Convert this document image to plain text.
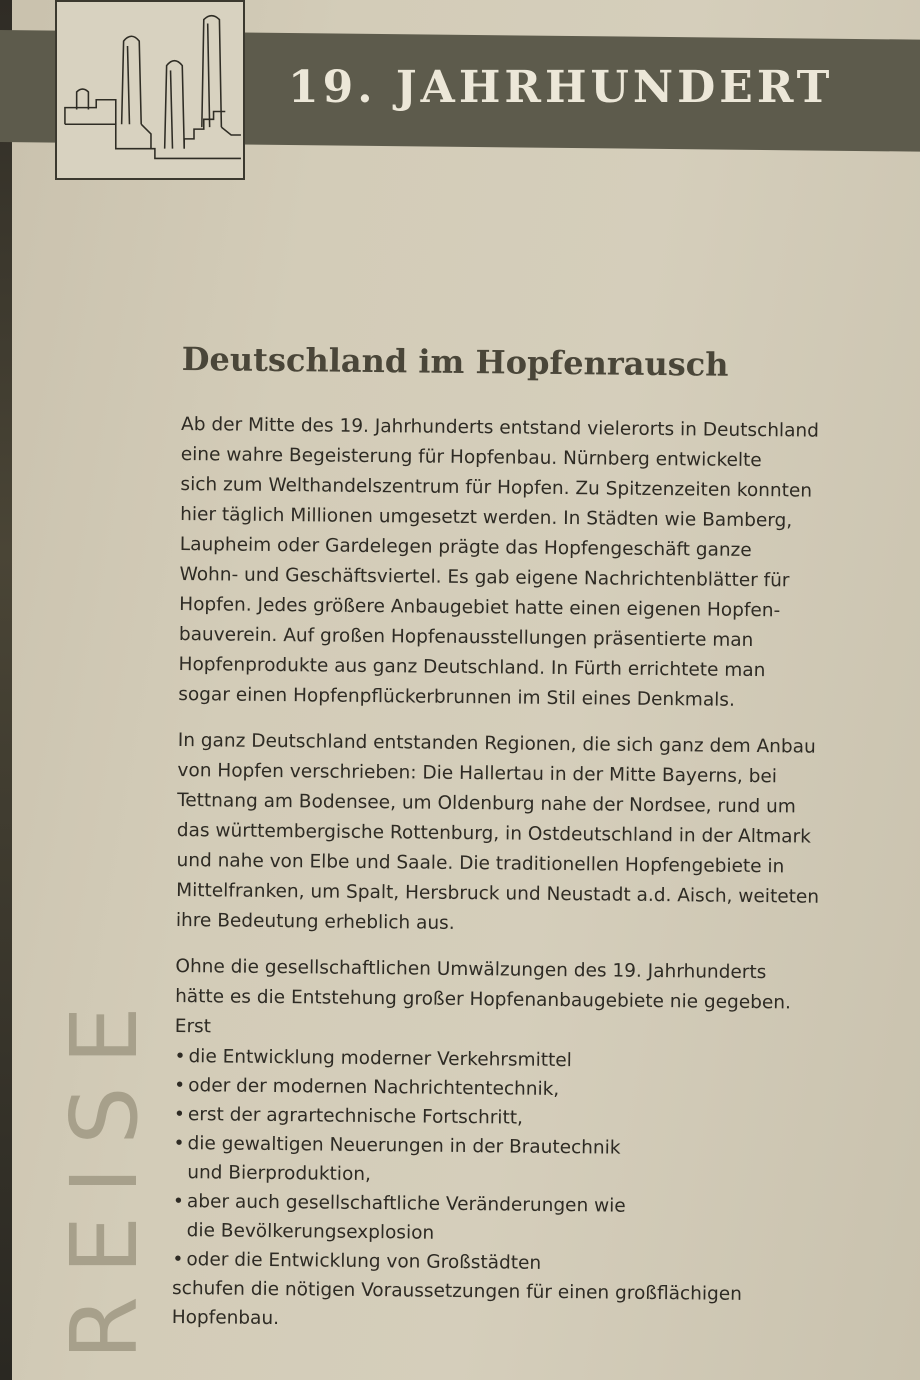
19. JAHRHUNDERT
REISE
Deutschland im Hopfenrausch
Ab der Mitte des 19. Jahrhunderts entstand vielerorts in Deutschland
eine wahre Begeisterung für Hopfenbau. Nürnberg entwickelte
sich zum Welthandelszentrum für Hopfen. Zu Spitzenzeiten konnten
hier täglich Millionen umgesetzt werden. In Städten wie Bamberg,
Laupheim oder Gardelegen prägte das Hopfengeschäft ganze
Wohn- und Geschäftsviertel. Es gab eigene Nachrichtenblätter für
Hopfen. Jedes größere Anbaugebiet hatte einen eigenen Hopfen-
bauverein. Auf großen Hopfenausstellungen präsentierte man
Hopfenprodukte aus ganz Deutschland. In Fürth errichtete man
sogar einen Hopfenpflückerbrunnen im Stil eines Denkmals.
In ganz Deutschland entstanden Regionen, die sich ganz dem Anbau
von Hopfen verschrieben: Die Hallertau in der Mitte Bayerns, bei
Tettnang am Bodensee, um Oldenburg nahe der Nordsee, rund um
das württembergische Rottenburg, in Ostdeutschland in der Altmark
und nahe von Elbe und Saale. Die traditionellen Hopfengebiete in
Mittelfranken, um Spalt, Hersbruck und Neustadt a.d. Aisch, weiteten
ihre Bedeutung erheblich aus.
Ohne die gesellschaftlichen Umwälzungen des 19. Jahrhunderts
hätte es die Entstehung großer Hopfenanbaugebiete nie gegeben.
Erst
• die Entwicklung moderner Verkehrsmittel
• oder der modernen Nachrichtentechnik,
• erst der agrartechnische Fortschritt,
• die gewaltigen Neuerungen in der Brautechnik
und Bierproduktion,
• aber auch gesellschaftliche Veränderungen wie
die Bevölkerungsexplosion
• oder die Entwicklung von Großstädten
schufen die nötigen Voraussetzungen für einen großflächigen
Hopfenbau.
